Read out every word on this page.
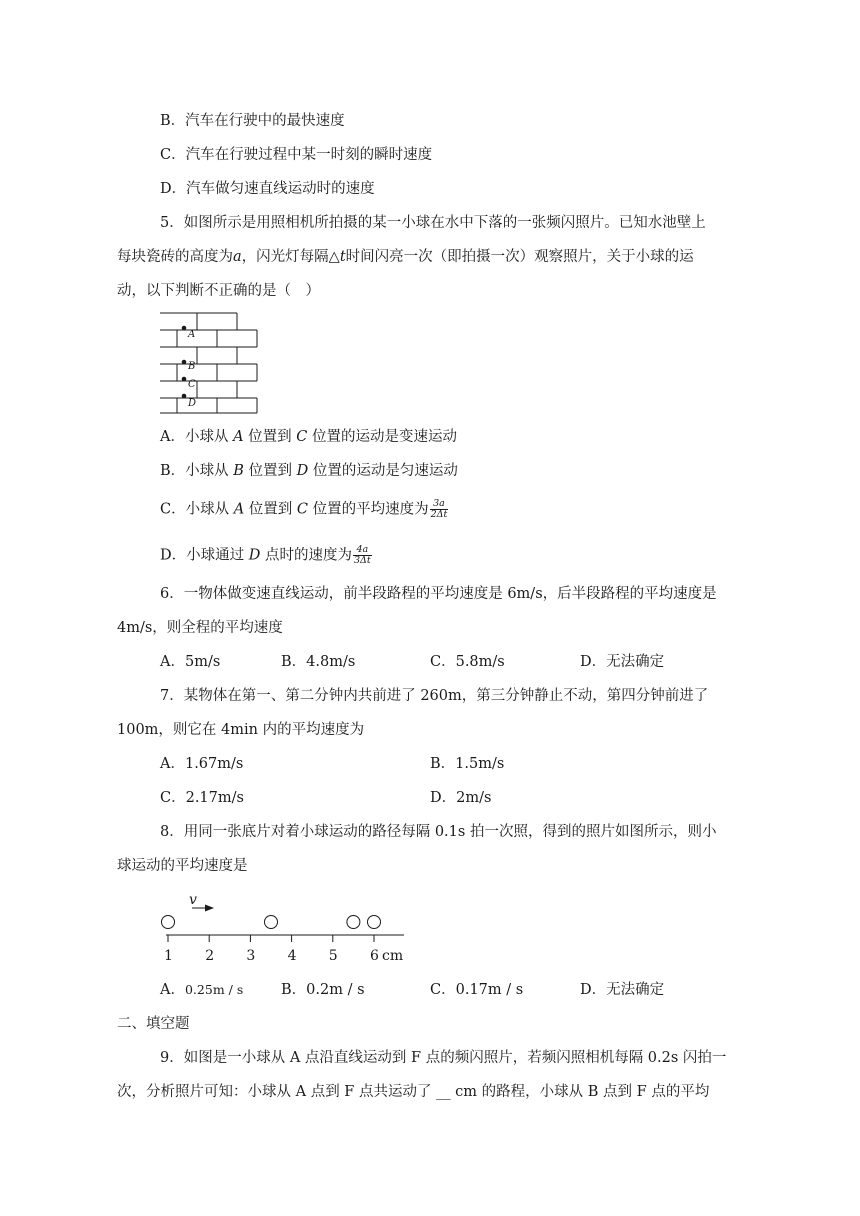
B．汽车在行驶中的最快速度
C．汽车在行驶过程中某一时刻的瞬时速度
D．汽车做匀速直线运动时的速度
5．如图所示是用照相机所拍摄的某一小球在水中下落的一张频闪照片。已知水池壁上
每块瓷砖的高度为a，闪光灯每隔△t时间闪亮一次（即拍摄一次）观察照片，关于小球的运
动，以下判断不正确的是（　）
A
B
C
D
A．小球从 A 位置到 C 位置的运动是变速运动
B．小球从 B 位置到 D 位置的运动是匀速运动
C．小球从 A 位置到 C 位置的平均速度为 $\frac{3a}{2\Delta t}$
D．小球通过 D 点时的速度为 $\frac{4a}{3\Delta t}$
6．一物体做变速直线运动，前半段路程的平均速度是 6m/s，后半段路程的平均速度是
4m/s，则全程的平均速度
A．5m/s	B．4.8m/s	C．5.8m/s	D．无法确定
7．某物体在第一、第二分钟内共前进了 260m，第三分钟静止不动，第四分钟前进了
100m，则它在 4min 内的平均速度为
A．1.67m/s	B．1.5m/s
C．2.17m/s	D．2m/s
8．用同一张底片对着小球运动的路径每隔 0.1s 拍一次照，得到的照片如图所示，则小
球运动的平均速度是
v
1 2 3 4 5 6 cm
A．0.25m / s	B．0.2m / s	C．0.17m / s	D．无法确定
二、填空题
9．如图是一小球从 A 点沿直线运动到 F 点的频闪照片，若频闪照相机每隔 0.2s 闪拍一
次，分析照片可知：小球从 A 点到 F 点共运动了 __ cm 的路程，小球从 B 点到 F 点的平均
